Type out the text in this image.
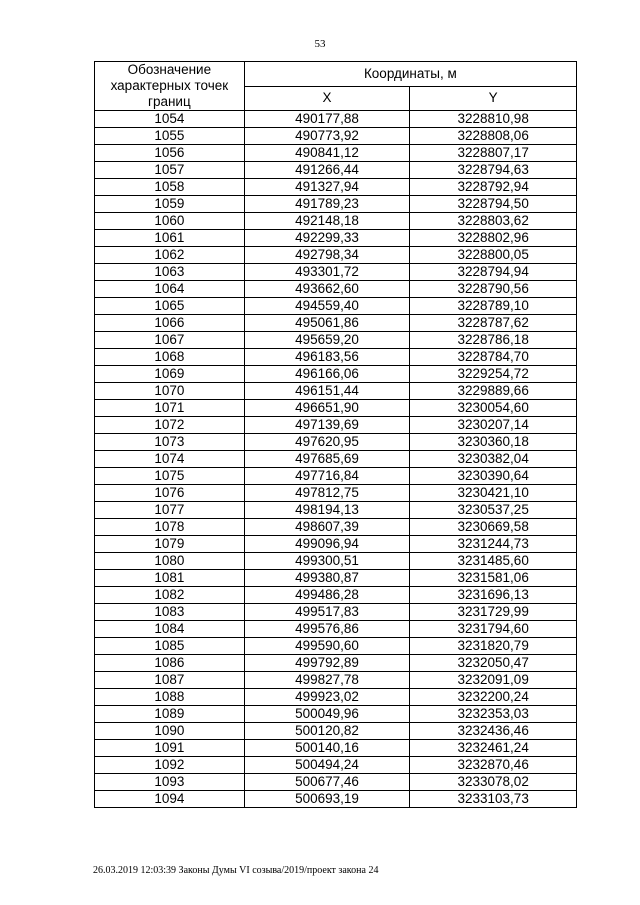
53
Обозначение характерных точек границ	Координаты, м	
	X	Y
1054	490177,88	3228810,98
1055	490773,92	3228808,06
1056	490841,12	3228807,17
1057	491266,44	3228794,63
1058	491327,94	3228792,94
1059	491789,23	3228794,50
1060	492148,18	3228803,62
1061	492299,33	3228802,96
1062	492798,34	3228800,05
1063	493301,72	3228794,94
1064	493662,60	3228790,56
1065	494559,40	3228789,10
1066	495061,86	3228787,62
1067	495659,20	3228786,18
1068	496183,56	3228784,70
1069	496166,06	3229254,72
1070	496151,44	3229889,66
1071	496651,90	3230054,60
1072	497139,69	3230207,14
1073	497620,95	3230360,18
1074	497685,69	3230382,04
1075	497716,84	3230390,64
1076	497812,75	3230421,10
1077	498194,13	3230537,25
1078	498607,39	3230669,58
1079	499096,94	3231244,73
1080	499300,51	3231485,60
1081	499380,87	3231581,06
1082	499486,28	3231696,13
1083	499517,83	3231729,99
1084	499576,86	3231794,60
1085	499590,60	3231820,79
1086	499792,89	3232050,47
1087	499827,78	3232091,09
1088	499923,02	3232200,24
1089	500049,96	3232353,03
1090	500120,82	3232436,46
1091	500140,16	3232461,24
1092	500494,24	3232870,46
1093	500677,46	3233078,02
1094	500693,19	3233103,73
26.03.2019 12:03:39 Законы Думы VI созыва/2019/проект закона 24
